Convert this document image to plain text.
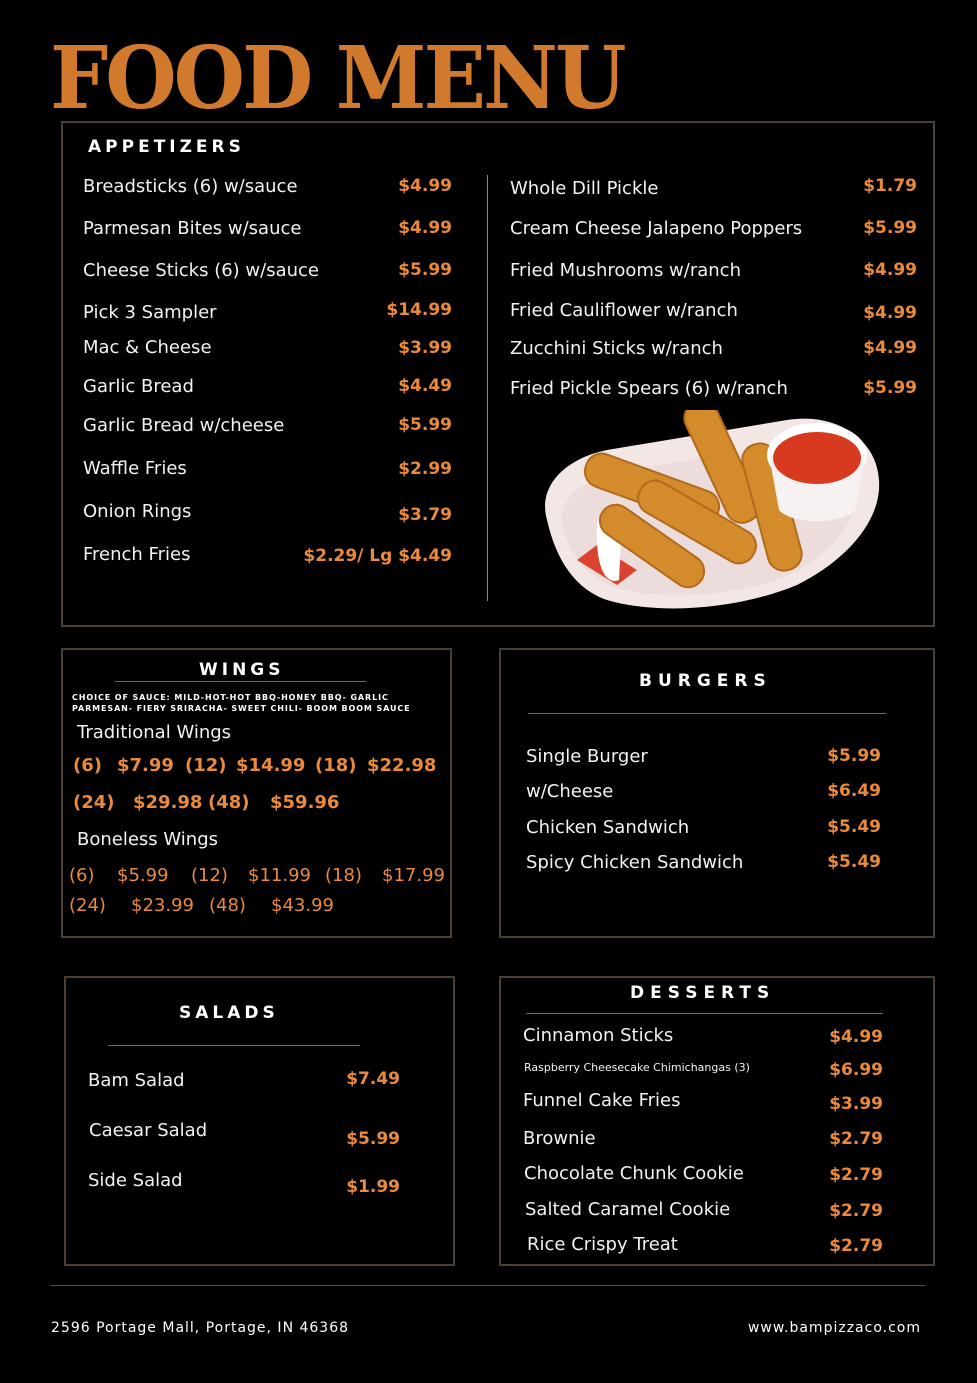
FOOD MENU
APPETIZERS
Breadsticks (6) w/sauce	$4.99
Parmesan Bites w/sauce	$4.99
Cheese Sticks (6) w/sauce	$5.99
Pick 3 Sampler	$14.99
Mac & Cheese	$3.99
Garlic Bread	$4.49
Garlic Bread w/cheese	$5.99
Waffle Fries	$2.99
Onion Rings	$3.79
French Fries	$2.29/ Lg $4.49
Whole Dill Pickle	$1.79
Cream Cheese Jalapeno Poppers	$5.99
Fried Mushrooms w/ranch	$4.99
Fried Cauliflower w/ranch	$4.99
Zucchini Sticks w/ranch	$4.99
Fried Pickle Spears (6) w/ranch	$5.99
WINGS
CHOICE OF SAUCE: MILD-HOT-HOT BBQ-HONEY BBQ- GARLIC
PARMESAN- FIERY SRIRACHA- SWEET CHILI- BOOM BOOM SAUCE
Traditional Wings
(6) $7.99 (12) $14.99 (18) $22.98
(24) $29.98 (48) $59.96
Boneless Wings
(6) $5.99 (12) $11.99 (18) $17.99
(24) $23.99 (48) $43.99
BURGERS
Single Burger	$5.99
w/Cheese	$6.49
Chicken Sandwich	$5.49
Spicy Chicken Sandwich	$5.49
SALADS
Bam Salad	$7.49
Caesar Salad	$5.99
Side Salad	$1.99
DESSERTS
Cinnamon Sticks	$4.99
Raspberry Cheesecake Chimichangas (3)	$6.99
Funnel Cake Fries	$3.99
Brownie	$2.79
Chocolate Chunk Cookie	$2.79
Salted Caramel Cookie	$2.79
Rice Crispy Treat	$2.79
2596 Portage Mall, Portage, IN 46368	www.bampizzaco.com
